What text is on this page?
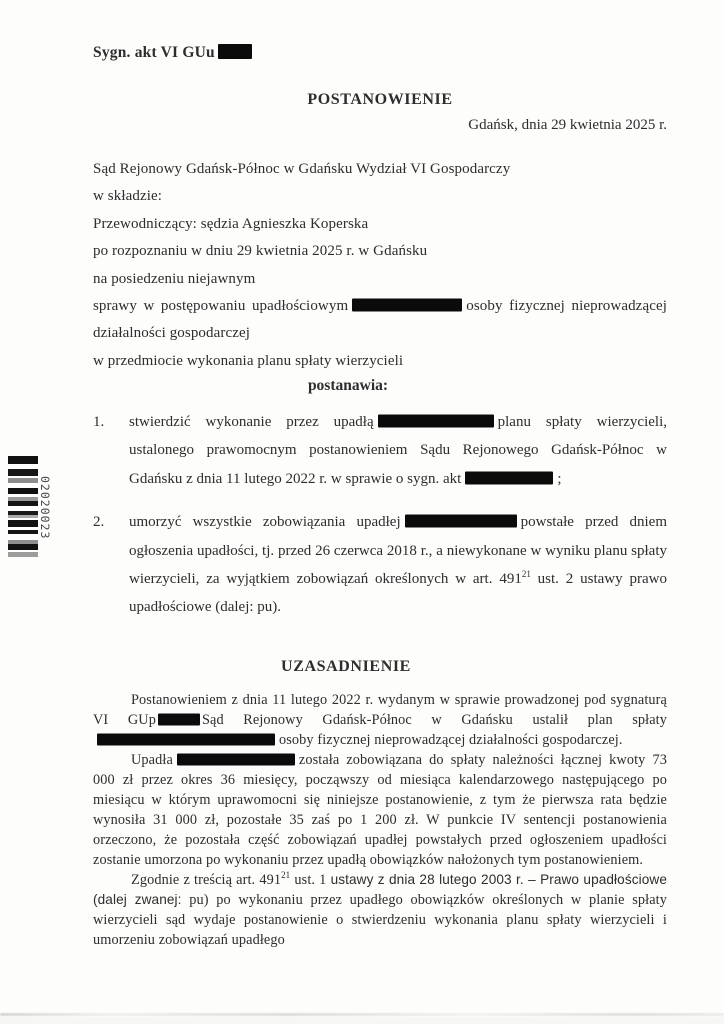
Sygn. akt VI GUu
POSTANOWIENIE
Gdańsk, dnia 29 kwietnia 2025 r.
Sąd Rejonowy Gdańsk-Północ w Gdańsku Wydział VI Gospodarczy
w składzie:
Przewodniczący: sędzia Agnieszka Koperska
po rozpoznaniu w dniu 29 kwietnia 2025 r. w Gdańsku
na posiedzeniu niejawnym
sprawy w postępowaniu upadłościowym	osoby fizycznej nieprowadzącej działalności gospodarczej
w przedmiocie wykonania planu spłaty wierzycieli
postanawia:
1.	stwierdzić wykonanie przez upadłą	planu spłaty wierzycieli, ustalonego prawomocnym postanowieniem Sądu Rejonowego Gdańsk-Północ w Gdańsku z dnia 11 lutego 2022 r. w sprawie o sygn. akt	;
2.	umorzyć wszystkie zobowiązania upadłej	powstałe przed dniem ogłoszenia upadłości, tj. przed 26 czerwca 2018 r., a niewykonane w wyniku planu spłaty wierzycieli, za wyjątkiem zobowiązań określonych w art. $491^{21}$ ust. 2 ustawy prawo upadłościowe (dalej: pu).
02020023
UZASADNIENIE

Postanowieniem z dnia 11 lutego 2022 r. wydanym w sprawie prowadzonej pod sygnaturą VI GUp	Sąd Rejonowy Gdańsk-Północ w Gdańsku ustalił plan spłatyosoby fizycznej nieprowadzącej działalności gospodarczej.

Upadła	została zobowiązana do spłaty należności łącznej kwoty 73 000 zł przez okres 36 miesięcy, począwszy od miesiąca kalendarzowego następującego po miesiącu w którym uprawomocni się niniejsze postanowienie, z tym że pierwsza rata będzie wynosiła 31 000 zł, pozostałe 35 zaś po 1 200 zł. W punkcie IV sentencji postanowienia orzeczono, że pozostała część zobowiązań upadłej powstałych przed ogłoszeniem upadłości zostanie umorzona po wykonaniu przez upadłą obowiązków nałożonych tym postanowieniem.

Zgodnie z treścią art. $491^{21}$ ust. 1 ustawy z dnia 28 lutego 2003 r. – Prawo upadłościowe (dalej zwanej: pu) po wykonaniu przez upadłego obowiązków określonych w planie spłaty wierzycieli sąd wydaje postanowienie o stwierdzeniu wykonania planu spłaty wierzycieli i umorzeniu zobowiązań upadłego
